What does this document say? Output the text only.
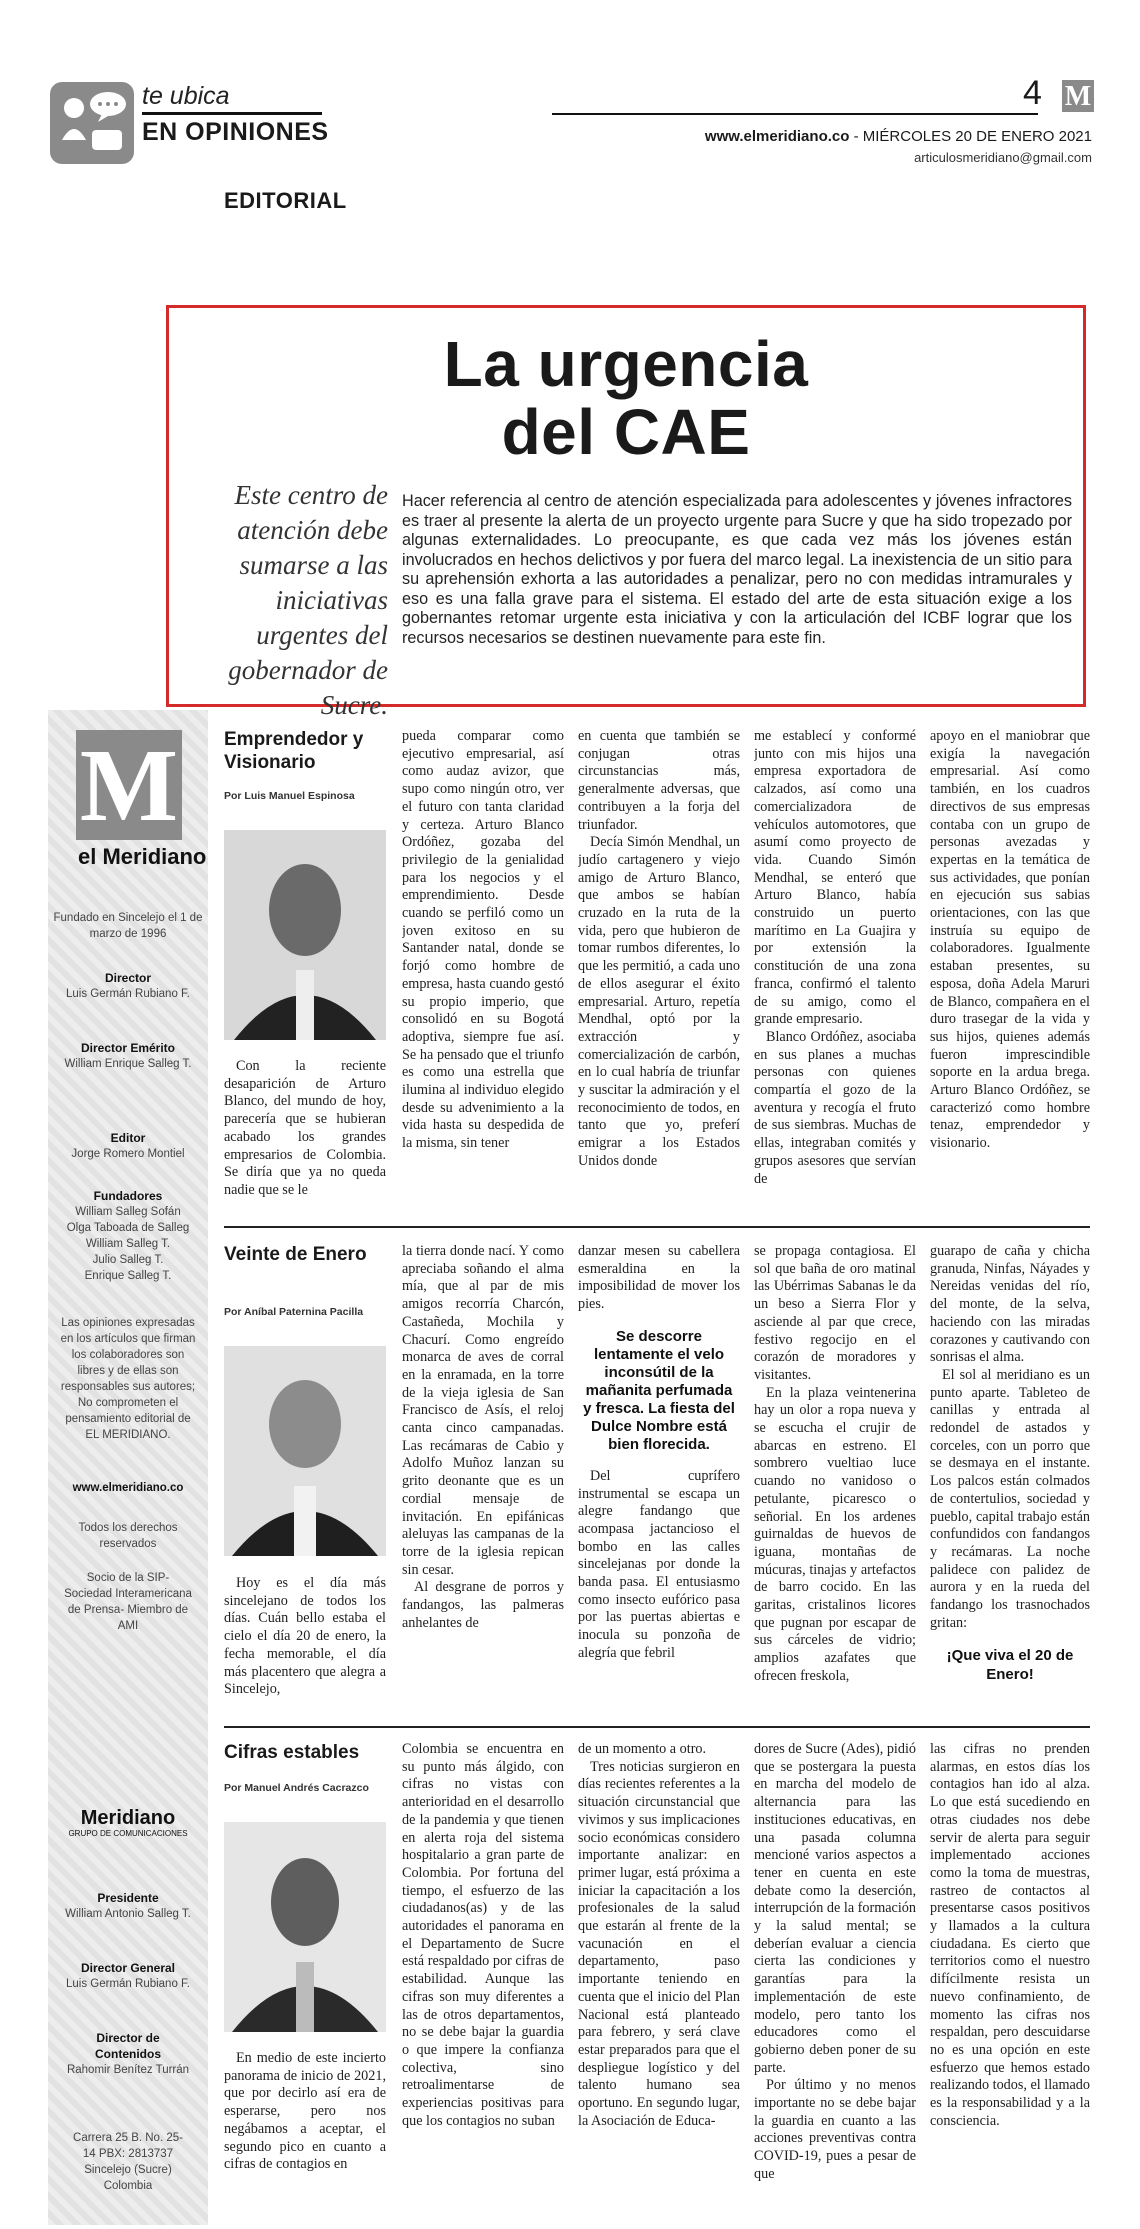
te ubica
EN OPINIONES
4 M
www.elmeridiano.co - MIÉRCOLES 20 DE ENERO 2021
articulosmeridiano@gmail.com
EDITORIAL
La urgencia
del CAE
Este centro de atención debe sumarse a las iniciativas urgentes del gobernador de Sucre.
Hacer referencia al centro de atención especializada para adolescentes y jóvenes infractores es traer al presente la alerta de un proyecto urgente para Sucre y que ha sido tropezado por algunas externalidades. Lo preocupante, es que cada vez más los jóvenes están involucrados en hechos delictivos y por fuera del marco legal. La inexistencia de un sitio para su aprehensión exhorta a las autoridades a penalizar, pero no con medidas intramurales y eso es una falla grave para el sistema. El estado del arte de esta situación exige a los gobernantes retomar urgente esta iniciativa y con la articulación del ICBF lograr que los recursos necesarios se destinen nuevamente para este fin.
M
el Meridiano
Fundado en Sincelejo el 1 de marzo de 1996
Director
Luis Germán Rubiano F.
Director Emérito
William Enrique Salleg T.
Editor
Jorge Romero Montiel
Fundadores
William Salleg Sofán
Olga Taboada de Salleg
William Salleg T.
Julio Salleg T.
Enrique Salleg T.
Las opiniones expresadas en los artículos que firman los colaboradores son libres y de ellas son responsables sus autores; No comprometen el pensamiento editorial de EL MERIDIANO.
www.elmeridiano.co
Todos los derechos reservados
Socio de la SIP-Sociedad Interamericana de Prensa- Miembro de AMI
Meridiano
GRUPO DE COMUNICACIONES
Presidente
William Antonio Salleg T.
Director General
Luis Germán Rubiano F.
Director de Contenidos
Rahomir Benítez Turrán
Carrera 25 B. No. 25-14 PBX: 2813737 Sincelejo (Sucre) Colombia
Emprendedor y Visionario
Por Luis Manuel Espinosa

Con la reciente desaparición de Arturo Blanco, del mundo de hoy, parecería que se hubieran acabado los grandes empresarios de Colombia. Se diría que ya no queda nadie que se le

pueda comparar como ejecutivo empresarial, así como audaz avizor, que supo como ningún otro, ver el futuro con tanta claridad y certeza. Arturo Blanco Ordóñez, gozaba del privilegio de la genialidad para los negocios y el emprendimiento. Desde cuando se perfiló como un joven exitoso en su Santander natal, donde se forjó como hombre de empresa, hasta cuando gestó su propio imperio, que consolidó en su Bogotá adoptiva, siempre fue así. Se ha pensado que el triunfo es como una estrella que ilumina al individuo elegido desde su advenimiento a la vida hasta su despedida de la misma, sin tener

en cuenta que también se conjugan otras circunstancias más, generalmente adversas, que contribuyen a la forja del triunfador.

Decía Simón Mendhal, un judío cartagenero y viejo amigo de Arturo Blanco, que ambos se habían cruzado en la ruta de la vida, pero que hubieron de tomar rumbos diferentes, lo que les permitió, a cada uno de ellos asegurar el éxito empresarial. Arturo, repetía Mendhal, optó por la extracción y comercialización de carbón, en lo cual habría de triunfar y suscitar la admiración y el reconocimiento de todos, en tanto que yo, preferí emigrar a los Estados Unidos donde

me establecí y conformé junto con mis hijos una empresa exportadora de calzados, así como una comercializadora de vehículos automotores, que asumí como proyecto de vida. Cuando Simón Mendhal, se enteró que Arturo Blanco, había construido un puerto marítimo en La Guajira y por extensión la constitución de una zona franca, confirmó el talento de su amigo, como el grande empresario.

Blanco Ordóñez, asociaba en sus planes a muchas personas con quienes compartía el gozo de la aventura y recogía el fruto de sus siembras. Muchas de ellas, integraban comités y grupos asesores que servían de

apoyo en el maniobrar que exigía la navegación empresarial. Así como también, en los cuadros directivos de sus empresas contaba con un grupo de personas avezadas y expertas en la temática de sus actividades, que ponían en ejecución sus sabias orientaciones, con las que instruía su equipo de colaboradores. Igualmente estaban presentes, su esposa, doña Adela Maruri de Blanco, compañera en el duro trasegar de la vida y sus hijos, quienes además fueron imprescindible soporte en la ardua brega. Arturo Blanco Ordóñez, se caracterizó como hombre tenaz, emprendedor y visionario.

Veinte de Enero
Por Aníbal Paternina Pacilla

Hoy es el día más sincelejano de todos los días. Cuán bello estaba el cielo el día 20 de enero, la fecha memorable, el día más placentero que alegra a Sincelejo,

la tierra donde nací. Y como apreciaba soñando el alma mía, que al par de mis amigos recorría Charcón, Castañeda, Mochila y Chacurí. Como engreído monarca de aves de corral en la enramada, en la torre de la vieja iglesia de San Francisco de Asís, el reloj canta cinco campanadas. Las recámaras de Cabio y Adolfo Muñoz lanzan su grito deonante que es un cordial mensaje de invitación. En epifánicas aleluyas las campanas de la torre de la iglesia repican sin cesar.

Al desgrane de porros y fandangos, las palmeras anhelantes de

danzar mesen su cabellera esmeraldina en la imposibilidad de mover los pies.

Se descorre lentamente el velo inconsútil de la mañanita perfumada y fresca. La fiesta del Dulce Nombre está bien florecida.

Del cuprífero instrumental se escapa un alegre fandango que acompasa jactancioso el bombo en las calles sincelejanas por donde la banda pasa. El entusiasmo como insecto eufórico pasa por las puertas abiertas e inocula su ponzoña de alegría que febril

se propaga contagiosa. El sol que baña de oro matinal las Ubérrimas Sabanas le da un beso a Sierra Flor y asciende al par que crece, festivo regocijo en el corazón de moradores y visitantes.

En la plaza veintenerina hay un olor a ropa nueva y se escucha el crujir de abarcas en estreno. El sombrero vueltiao luce cuando no vanidoso o petulante, picaresco o señorial. En los ardenes guirnaldas de huevos de iguana, montañas de múcuras, tinajas y artefactos de barro cocido. En las garitas, cristalinos licores que pugnan por escapar de sus cárceles de vidrio; amplios azafates que ofrecen freskola,

guarapo de caña y chicha granuda, Ninfas, Náyades y Nereidas venidas del río, del monte, de la selva, haciendo con las miradas corazones y cautivando con sonrisas el alma.

El sol al meridiano es un punto aparte. Tableteo de canillas y entrada al redondel de astados y corceles, con un porro que se desmaya en el instante. Los palcos están colmados de contertulios, sociedad y pueblo, capital trabajo están confundidos con fandangos y recámaras. La noche palidece con palidez de aurora y en la rueda del fandango los trasnochados gritan:

¡Que viva el 20 de Enero!
Cifras estables
Por Manuel Andrés Cacrazco

En medio de este incierto panorama de inicio de 2021, que por decirlo así era de esperarse, pero nos negábamos a aceptar, el segundo pico en cuanto a cifras de contagios en

Colombia se encuentra en su punto más álgido, con cifras no vistas con anterioridad en el desarrollo de la pandemia y que tienen en alerta roja del sistema hospitalario a gran parte de Colombia. Por fortuna del tiempo, el esfuerzo de las ciudadanos(as) y de las autoridades el panorama en el Departamento de Sucre está respaldado por cifras de estabilidad. Aunque las cifras son muy diferentes a las de otros departamentos, no se debe bajar la guardia o que impere la confianza colectiva, sino retroalimentarse de experiencias positivas para que los contagios no suban

de un momento a otro.

Tres noticias surgieron en días recientes referentes a la situación circunstancial que vivimos y sus implicaciones socio económicas considero importante analizar: en primer lugar, está próxima a iniciar la capacitación a los profesionales de la salud que estarán al frente de la vacunación en el departamento, paso importante teniendo en cuenta que el inicio del Plan Nacional está planteado para febrero, y será clave estar preparados para que el despliegue logístico y del talento humano sea oportuno. En segundo lugar, la Asociación de Educa-

dores de Sucre (Ades), pidió que se postergara la puesta en marcha del modelo de alternancia para las instituciones educativas, en una pasada columna mencioné varios aspectos a tener en cuenta en este debate como la deserción, interrupción de la formación y la salud mental; se deberían evaluar a ciencia cierta las condiciones y garantías para la implementación de este modelo, pero tanto los educadores como el gobierno deben poner de su parte.

Por último y no menos importante no se debe bajar la guardia en cuanto a las acciones preventivas contra COVID-19, pues a pesar de que

las cifras no prenden alarmas, en estos días los contagios han ido al alza. Lo que está sucediendo en otras ciudades nos debe servir de alerta para seguir implementado acciones como la toma de muestras, rastreo de contactos al presentarse casos positivos y llamados a la cultura ciudadana. Es cierto que territorios como el nuestro difícilmente resista un nuevo confinamiento, de momento las cifras nos respaldan, pero descuidarse no es una opción en este esfuerzo que hemos estado realizando todos, el llamado es la responsabilidad y a la consciencia.
